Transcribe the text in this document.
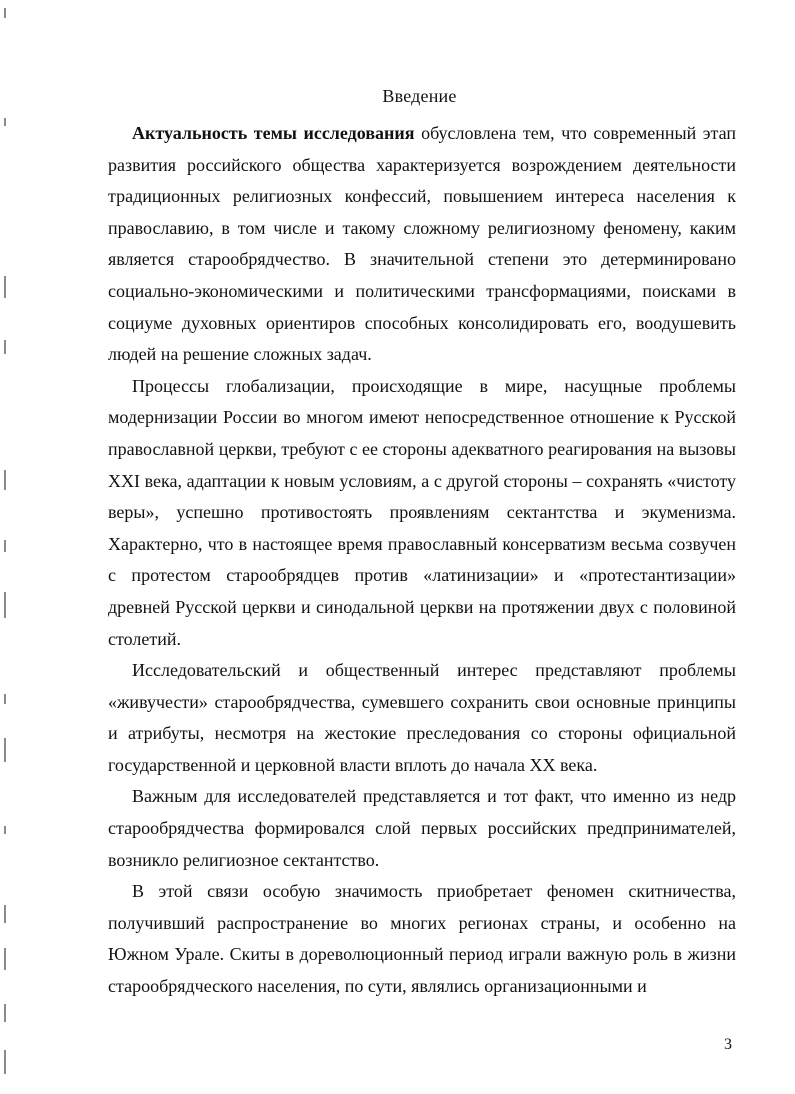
Введение

Актуальность темы исследования обусловлена тем, что современный этап развития российского общества характеризуется возрождением деятельности традиционных религиозных конфессий, повышением интереса населения к православию, в том числе и такому сложному религиозному феномену, каким является старообрядчество. В значительной степени это детерминировано социально-экономическими и политическими трансформациями, поисками в социуме духовных ориентиров способных консолидировать его, воодушевить людей на решение сложных задач.

Процессы глобализации, происходящие в мире, насущные проблемы модернизации России во многом имеют непосредственное отношение к Русской православной церкви, требуют с ее стороны адекватного реагирования на вызовы XXI века, адаптации к новым условиям, а с другой стороны – сохранять «чистоту веры», успешно противостоять проявлениям сектантства и экуменизма. Характерно, что в настоящее время православный консерватизм весьма созвучен с протестом старообрядцев против «латинизации» и «протестантизации» древней Русской церкви и синодальной церкви на протяжении двух с половиной столетий.

Исследовательский и общественный интерес представляют проблемы «живучести» старообрядчества, сумевшего сохранить свои основные принципы и атрибуты, несмотря на жестокие преследования со стороны официальной государственной и церковной власти вплоть до начала XX века.

Важным для исследователей представляется и тот факт, что именно из недр старообрядчества формировался слой первых российских предпринимателей, возникло религиозное сектантство.

В этой связи особую значимость приобретает феномен скитничества, получивший распространение во многих регионах страны, и особенно на Южном Урале. Скиты в дореволюционный период играли важную роль в жизни старообрядческого населения, по сути, являлись организационными и

3
